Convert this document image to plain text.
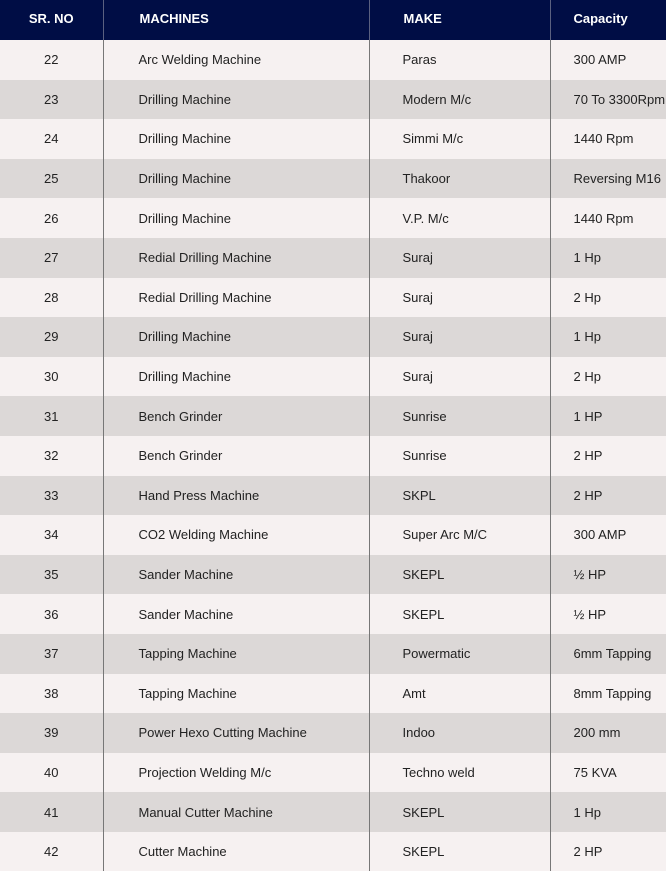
SR. NO	MACHINES	MAKE	Capacity
22	Arc Welding Machine	Paras	300 AMP
23	Drilling Machine	Modern M/c	70 To 3300Rpm
24	Drilling Machine	Simmi M/c	1440 Rpm
25	Drilling Machine	Thakoor	Reversing M16
26	Drilling Machine	V.P. M/c	1440 Rpm
27	Redial Drilling Machine	Suraj	1 Hp
28	Redial Drilling Machine	Suraj	2 Hp
29	Drilling Machine	Suraj	1 Hp
30	Drilling Machine	Suraj	2 Hp
31	Bench Grinder	Sunrise	1 HP
32	Bench Grinder	Sunrise	2 HP
33	Hand Press Machine	SKPL	2 HP
34	CO2 Welding Machine	Super Arc M/C	300 AMP
35	Sander Machine	SKEPL	½ HP
36	Sander Machine	SKEPL	½ HP
37	Tapping Machine	Powermatic	6mm Tapping
38	Tapping Machine	Amt	8mm Tapping
39	Power Hexo Cutting Machine	Indoo	200 mm
40	Projection Welding M/c	Techno weld	75 KVA
41	Manual Cutter Machine	SKEPL	1 Hp
42	Cutter Machine	SKEPL	2 HP
